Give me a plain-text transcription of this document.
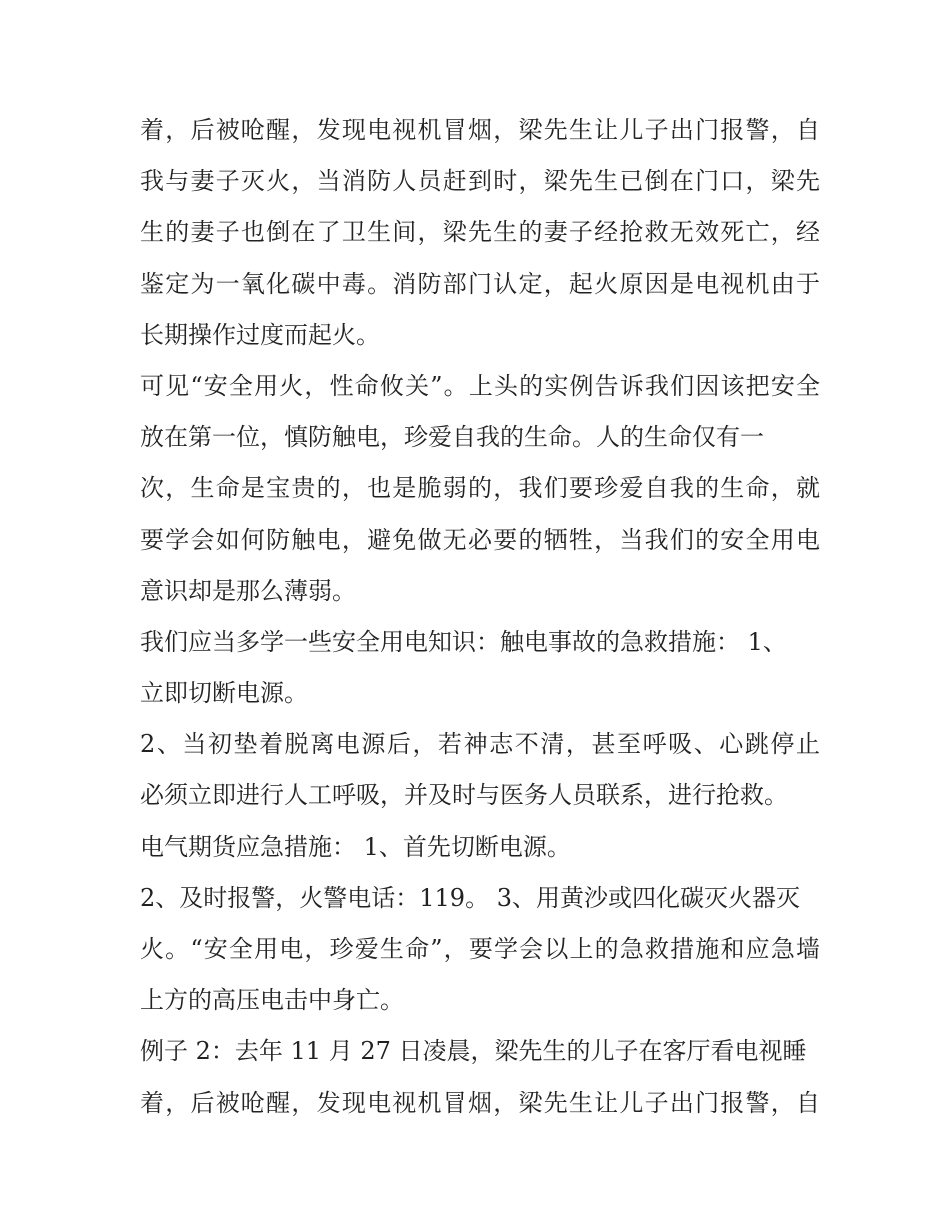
着，后被呛醒，发现电视机冒烟，梁先生让儿子出门报警，自
我与妻子灭火，当消防人员赶到时，梁先生已倒在门口，梁先
生的妻子也倒在了卫生间，梁先生的妻子经抢救无效死亡，经
鉴定为一氧化碳中毒。消防部门认定，起火原因是电视机由于
长期操作过度而起火。
可见“安全用火，性命攸关”。上头的实例告诉我们因该把安全
放在第一位，慎防触电，珍爱自我的生命。人的生命仅有一
次，生命是宝贵的，也是脆弱的，我们要珍爱自我的生命，就
要学会如何防触电，避免做无必要的牺牲，当我们的安全用电
意识却是那么薄弱。
我们应当多学一些安全用电知识：触电事故的急救措施： 1、
立即切断电源。
2、当初垫着脱离电源后，若神志不清，甚至呼吸、心跳停止
必须立即进行人工呼吸，并及时与医务人员联系，进行抢救。
电气期货应急措施： 1、首先切断电源。
2、及时报警，火警电话：119。 3、用黄沙或四化碳灭火器灭
火。“安全用电，珍爱生命”，要学会以上的急救措施和应急墙
上方的高压电击中身亡。
例子 2：去年 11 月 27 日凌晨，梁先生的儿子在客厅看电视睡
着，后被呛醒，发现电视机冒烟，梁先生让儿子出门报警，自
